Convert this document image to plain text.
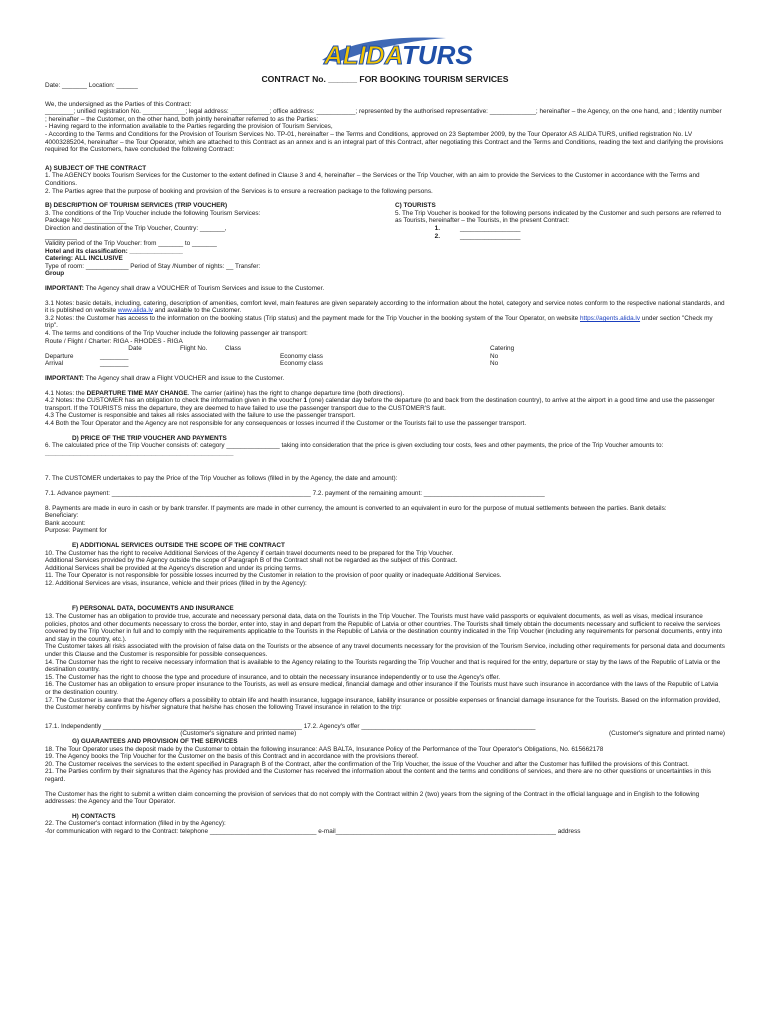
ALIDA
TURS
CONTRACT No. ______ FOR BOOKING TOURISM SERVICES

Date: _______ Location: ______

We, the undersigned as the Parties of this Contract:

________; unified registration No. ____________; legal address: ___________; office address: ___________; represented by the authorised representative: _____________; hereinafter – the Agency, on the one hand, and ; Identity number ; hereinafter – the Customer, on the other hand, both jointly hereinafter referred to as the Parties:

- Having regard to the information available to the Parties regarding the provision of Tourism Services,

- According to the Terms and Conditions for the Provision of Tourism Services No. TP-01, hereinafter – the Terms and Conditions, approved on 23 September 2009, by the Tour Operator AS ALIDA TURS, unified registration No. LV 40003285204, hereinafter – the Tour Operator, which are attached to this Contract as an annex and is an integral part of this Contract, after negotiating this Contract and the Terms and Conditions, reading the text and clarifying the provisions required for the Customers, have concluded the following Contract:

A) SUBJECT OF THE CONTRACT

1. The AGENCY books Tourism Services for the Customer to the extent defined in Clause 3 and 4, hereinafter – the Services or the Trip Voucher, with an aim to provide the Services to the Customer in accordance with the Terms and Conditions.

2. The Parties agree that the purpose of booking and provision of the Services is to ensure a recreation package to the following persons.

B) DESCRIPTION OF TOURISM SERVICES (TRIP VOUCHER)

3. The conditions of the Trip Voucher include the following Tourism Services:

Package No: ____________

Direction and destination of the Trip Voucher, Country: _______,

_________

C) TOURISTS

5. The Trip Voucher is booked for the following persons indicated by the Customer and such persons are referred to as Tourists, hereinafter – the Tourists, in the present Contract:

1.	_________________
2.	_________________

Validity period of the Trip Voucher: from _______ to _______

Hotel and its classification: _______________

Catering: ALL INCLUSIVE

Type of room: ____________ Period of Stay /Number of nights: __ Transfer:

Group

IMPORTANT: The Agency shall draw a VOUCHER of Tourism Services and issue to the Customer.

3.1 Notes: basic details, including, catering, description of amenities, comfort level, main features are given separately according to the information about the hotel, category and service notes conform to the respective national standards, and it is published on website www.alida.lv and available to the Customer.

3.2 Notes: the Customer has access to the information on the booking status (Trip status) and the payment made for the Trip Voucher in the booking system of the Tour Operator, on website https://agents.alida.lv under section "Check my trip".

4. The terms and conditions of the Trip Voucher include the following passenger air transport:

Route / Flight / Charter: RIGA - RHODES - RIGA

Date	Flight No.	Class	Catering
Departure	________	Economy class	No
Arrival	________	Economy class	No

IMPORTANT: The Agency shall draw a Flight VOUCHER and issue to the Customer.

4.1 Notes: the DEPARTURE TIME MAY CHANGE. The carrier (airline) has the right to change departure time (both directions).

4.2 Notes: the CUSTOMER has an obligation to check the information given in the voucher 1 (one) calendar day before the departure (to and back from the destination country), to arrive at the airport in a good time and use the passenger transport. If the TOURISTS miss the departure, they are deemed to have failed to use the passenger transport due to the CUSTOMER'S fault.

4.3 The Customer is responsible and takes all risks associated with the failure to use the passenger transport.

4.4 Both the Tour Operator and the Agency are not responsible for any consequences or losses incurred if the Customer or the Tourists fail to use the passenger transport.

D) PRICE OF THE TRIP VOUCHER AND PAYMENTS

6. The calculated price of the Trip Voucher consists of: category _______________ taking into consideration that the price is given excluding tour costs, fees and other payments, the price of the Trip Voucher amounts to:

_____________________________________________________

7. The CUSTOMER undertakes to pay the Price of the Trip Voucher as follows (filled in by the Agency, the date and amount):

7.1. Advance payment: ________________________________________________________ 7.2. payment of the remaining amount: __________________________________

8. Payments are made in euro in cash or by bank transfer. If payments are made in other currency, the amount is converted to an equivalent in euro for the purpose of mutual settlements between the parties. Bank details:

Beneficiary:

Bank account:

Purpose: Payment for

E) ADDITIONAL SERVICES OUTSIDE THE SCOPE OF THE CONTRACT

10. The Customer has the right to receive Additional Services of the Agency if certain travel documents need to be prepared for the Trip Voucher.

Additional Services provided by the Agency outside the scope of Paragraph B of the Contract shall not be regarded as the subject of this Contract.

Additional Services shall be provided at the Agency's discretion and under its pricing terms.

11. The Tour Operator is not responsible for possible losses incurred by the Customer in relation to the provision of poor quality or inadequate Additional Services.

12. Additional Services are visas, insurance, vehicle and their prices (filled in by the Agency):

F) PERSONAL DATA, DOCUMENTS AND INSURANCE

13. The Customer has an obligation to provide true, accurate and necessary personal data, data on the Tourists in the Trip Voucher. The Tourists must have valid passports or equivalent documents, as well as visas, medical insurance policies, photos and other documents necessary to cross the border, enter into, stay in and depart from the Republic of Latvia or other countries. The Tourists shall timely obtain the documents necessary and sufficient to receive the services covered by the Trip Voucher in full and to comply with the requirements applicable to the Tourists in the Republic of Latvia or the destination country indicated in the Trip Voucher (including any requirements for personal documents, entry into and stay in the country, etc.).

The Customer takes all risks associated with the provision of false data on the Tourists or the absence of any travel documents necessary for the provision of the Tourism Service, including other requirements for personal data and documents under this Clause and the Customer is responsible for possible consequences.

14. The Customer has the right to receive necessary information that is available to the Agency relating to the Tourists regarding the Trip Voucher and that is required for the entry, departure or stay by the laws of the Republic of Latvia or the destination country.

15. The Customer has the right to choose the type and procedure of insurance, and to obtain the necessary insurance independently or to use the Agency's offer.

16. The Customer has an obligation to ensure proper insurance to the Tourists, as well as ensure medical, financial damage and other insurance if the Tourists must have such insurance in accordance with the laws of the Republic of Latvia or the destination country.

17. The Customer is aware that the Agency offers a possibility to obtain life and health insurance, luggage insurance, liability insurance or possible expenses or financial damage insurance for the Tourists. Based on the information provided, the Customer hereby confirms by his/her signature that he/she has chosen the following Travel insurance in relation to the trip:

17.1. Independently ________________________________________________________ 17.2. Agency's offer _________________________________________________

(Customer's signature and printed name)	(Customer's signature and printed name)

G) GUARANTEES AND PROVISION OF THE SERVICES

18. The Tour Operator uses the deposit made by the Customer to obtain the following insurance: AAS BALTA, Insurance Policy of the Performance of the Tour Operator's Obligations, No. 615662178

19. The Agency books the Trip Voucher for the Customer on the basis of this Contract and in accordance with the provisions thereof.

20. The Customer receives the services to the extent specified in Paragraph B of the Contract, after the confirmation of the Trip Voucher, the issue of the Voucher and after the Customer has fulfilled the provisions of this Contract.

21. The Parties confirm by their signatures that the Agency has provided and the Customer has received the information about the content and the terms and conditions of services, and there are no other questions or uncertainties in this regard.

The Customer has the right to submit a written claim concerning the provision of services that do not comply with the Contract within 2 (two) years from the signing of the Contract in the official language and in English to the following addresses: the Agency and the Tour Operator.

H) CONTACTS

22. The Customer's contact information (filled in by the Agency):

-for communication with regard to the Contract: telephone ______________________________ e-mail______________________________________________________________ address
